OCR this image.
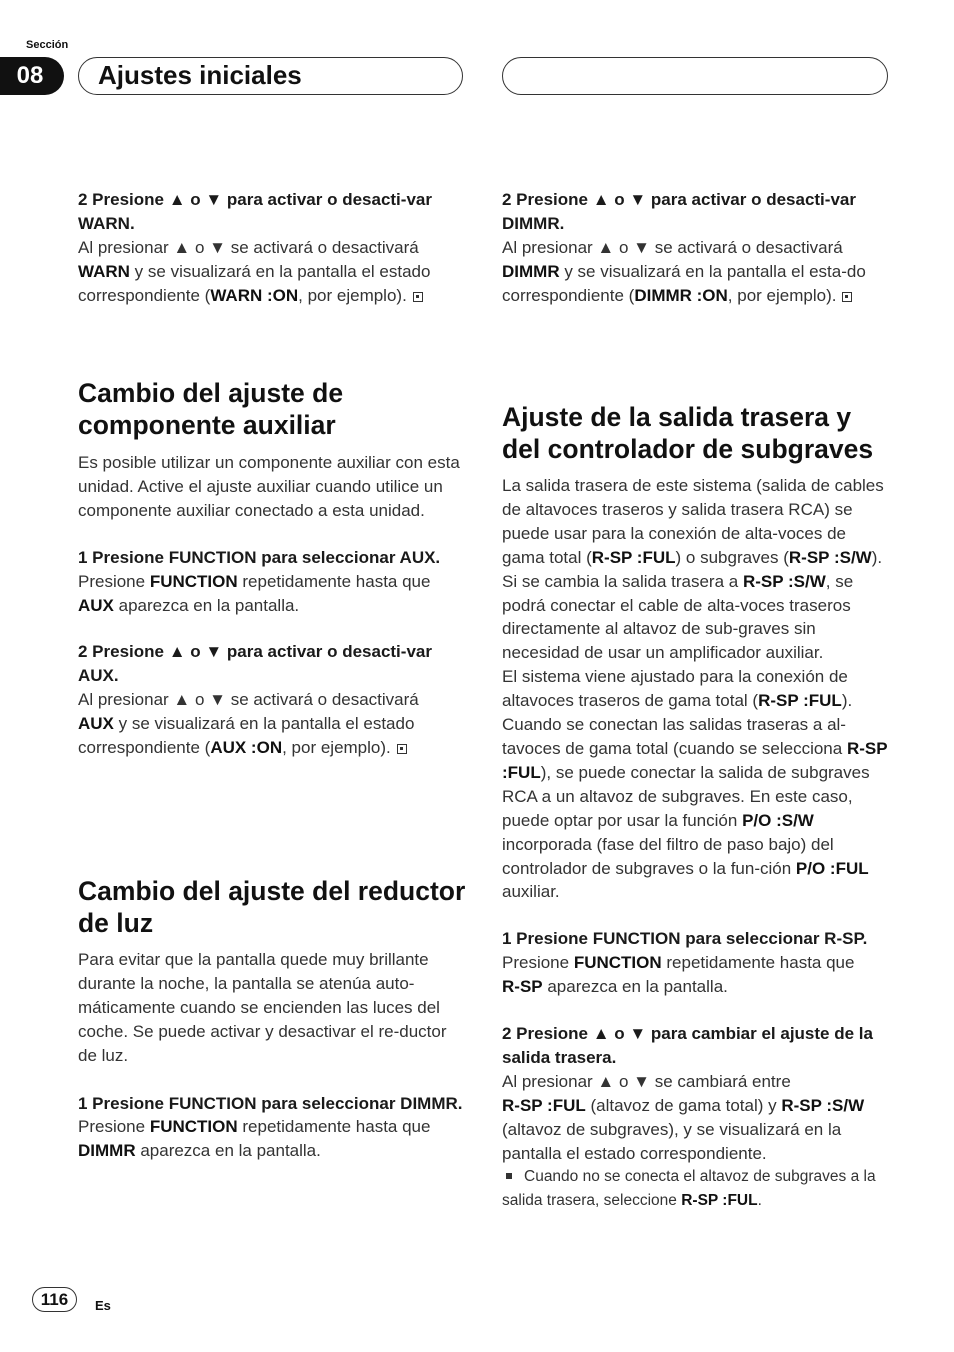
Sección
08	Ajustes iniciales
2 Presione ▲ o ▼ para activar o desacti-var WARN.
Al presionar ▲ o ▼ se activará o desactivará
WARN y se visualizará en la pantalla el estado
correspondiente (WARN :ON, por ejemplo).
Cambio del ajuste de componente auxiliar
Es posible utilizar un componente auxiliar con esta unidad. Active el ajuste auxiliar cuando utilice un componente auxiliar conectado a esta unidad.
1 Presione FUNCTION para seleccionar AUX.
Presione FUNCTION repetidamente hasta que
AUX aparezca en la pantalla.
2 Presione ▲ o ▼ para activar o desacti-var AUX.
Al presionar ▲ o ▼ se activará o desactivará
AUX y se visualizará en la pantalla el estado
correspondiente (AUX :ON, por ejemplo).
Cambio del ajuste del reductor de luz
Para evitar que la pantalla quede muy brillante durante la noche, la pantalla se atenúa auto-máticamente cuando se encienden las luces del coche. Se puede activar y desactivar el re-ductor de luz.
1 Presione FUNCTION para seleccionar DIMMR.
Presione FUNCTION repetidamente hasta que
DIMMR aparezca en la pantalla.
2 Presione ▲ o ▼ para activar o desacti-var DIMMR.
Al presionar ▲ o ▼ se activará o desactivará
DIMMR y se visualizará en la pantalla el esta-do correspondiente (DIMMR :ON, por ejemplo).
Ajuste de la salida trasera y del controlador de subgraves
La salida trasera de este sistema (salida de cables de altavoces traseros y salida trasera RCA) se puede usar para la conexión de alta-voces de gama total (R-SP :FUL) o subgraves (R-SP :S/W). Si se cambia la salida trasera a R-SP :S/W, se podrá conectar el cable de alta-voces traseros directamente al altavoz de sub-graves sin necesidad de usar un amplificador auxiliar.
El sistema viene ajustado para la conexión de altavoces traseros de gama total (R-SP :FUL). Cuando se conectan las salidas traseras a al-tavoces de gama total (cuando se selecciona R-SP :FUL), se puede conectar la salida de subgraves RCA a un altavoz de subgraves. En este caso, puede optar por usar la función P/O :S/W incorporada (fase del filtro de paso bajo) del controlador de subgraves o la fun-ción P/O :FUL auxiliar.
1 Presione FUNCTION para seleccionar R-SP.
Presione FUNCTION repetidamente hasta que
R-SP aparezca en la pantalla.
2 Presione ▲ o ▼ para cambiar el ajuste de la salida trasera.
Al presionar ▲ o ▼ se cambiará entre
R-SP :FUL (altavoz de gama total) y R-SP :S/W (altavoz de subgraves), y se visualizará en la pantalla el estado correspondiente.
Cuando no se conecta el altavoz de subgraves a la salida trasera, seleccione R-SP :FUL.
116	Es
